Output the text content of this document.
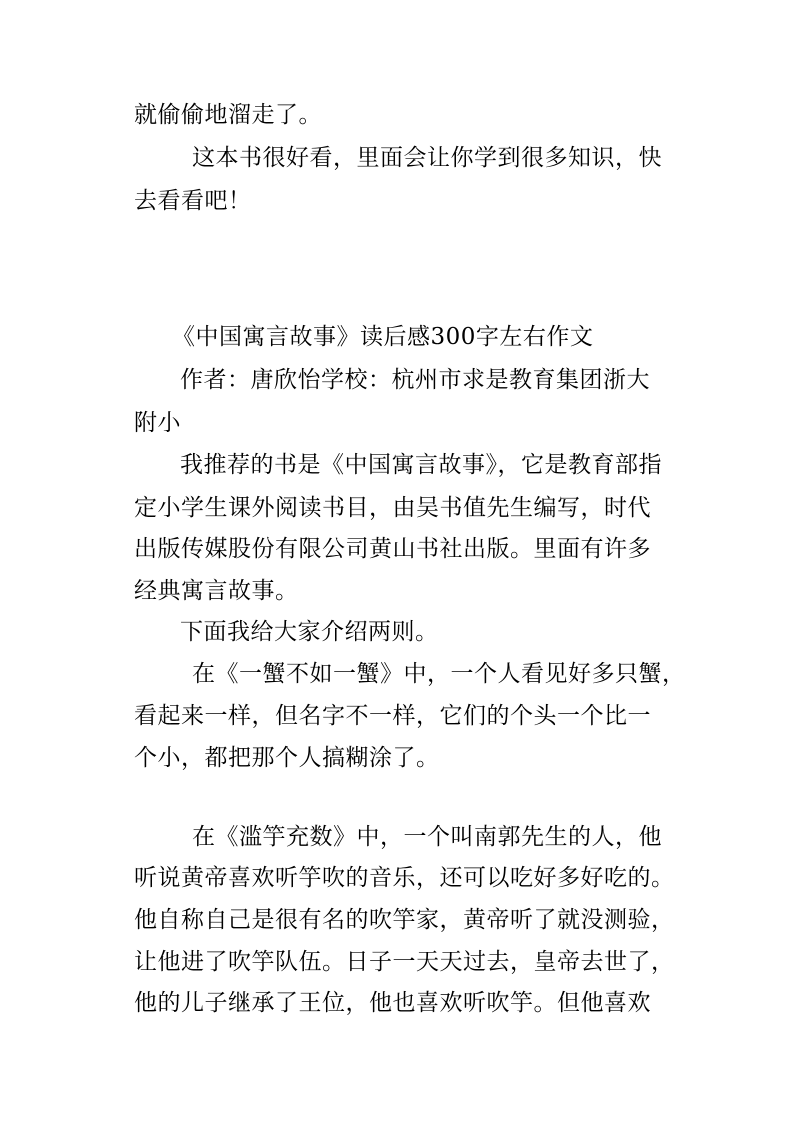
就偷偷地溜走了。
这本书很好看，里面会让你学到很多知识，快
去看看吧！
《中国寓言故事》读后感300字左右作文
作者：唐欣怡学校：杭州市求是教育集团浙大
附小
我推荐的书是《中国寓言故事》，它是教育部指
定小学生课外阅读书目，由吴书值先生编写，时代
出版传媒股份有限公司黄山书社出版。里面有许多
经典寓言故事。
下面我给大家介绍两则。
在《一蟹不如一蟹》中，一个人看见好多只蟹，
看起来一样，但名字不一样，它们的个头一个比一
个小，都把那个人搞糊涂了。
在《滥竽充数》中，一个叫南郭先生的人，他
听说黄帝喜欢听竽吹的音乐，还可以吃好多好吃的。
他自称自己是很有名的吹竽家，黄帝听了就没测验，
让他进了吹竽队伍。日子一天天过去，皇帝去世了，
他的儿子继承了王位，他也喜欢听吹竽。但他喜欢
